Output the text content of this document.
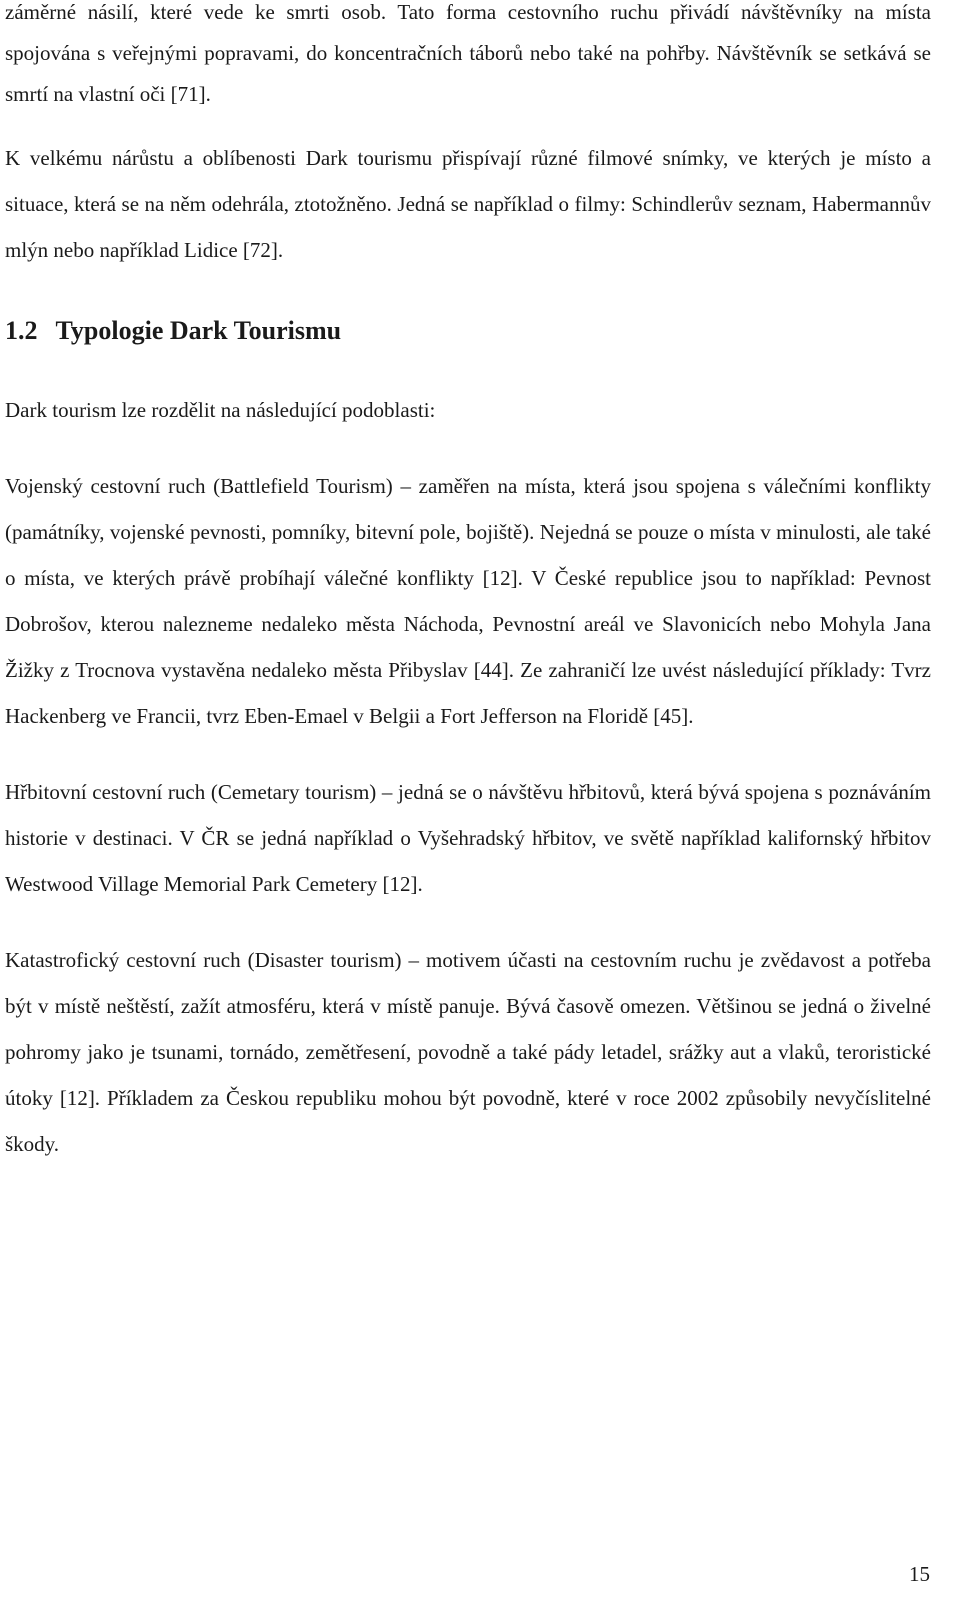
záměrné násilí, které vede ke smrti osob. Tato forma cestovního ruchu přivádí návštěvníky na místa spojována s veřejnými popravami, do koncentračních táborů nebo také na pohřby. Návštěvník se setkává se smrtí na vlastní oči [71].

K velkému nárůstu a oblíbenosti Dark tourismu přispívají různé filmové snímky, ve kterých je místo a situace, která se na něm odehrála, ztotožněno. Jedná se například o filmy: Schindlerův seznam, Habermannův mlýn nebo například Lidice [72].

1.2 Typologie Dark Tourismu

Dark tourism lze rozdělit na následující podoblasti:

Vojenský cestovní ruch (Battlefield Tourism) – zaměřen na místa, která jsou spojena s válečními konflikty (památníky, vojenské pevnosti, pomníky, bitevní pole, bojiště). Nejedná se pouze o místa v minulosti, ale také o místa, ve kterých právě probíhají válečné konflikty [12]. V České republice jsou to například: Pevnost Dobrošov, kterou nalezneme nedaleko města Náchoda, Pevnostní areál ve Slavonicích nebo Mohyla Jana Žižky z Trocnova vystavěna nedaleko města Přibyslav [44]. Ze zahraničí lze uvést následující příklady: Tvrz Hackenberg ve Francii, tvrz Eben-Emael v Belgii a Fort Jefferson na Floridě [45].

Hřbitovní cestovní ruch (Cemetary tourism) – jedná se o návštěvu hřbitovů, která bývá spojena s poznáváním historie v destinaci. V ČR se jedná například o Vyšehradský hřbitov, ve světě například kalifornský hřbitov Westwood Village Memorial Park Cemetery [12].

Katastrofický cestovní ruch (Disaster tourism) – motivem účasti na cestovním ruchu je zvědavost a potřeba být v místě neštěstí, zažít atmosféru, která v místě panuje. Bývá časově omezen. Většinou se jedná o živelné pohromy jako je tsunami, tornádo, zemětřesení, povodně a také pády letadel, srážky aut a vlaků, teroristické útoky [12]. Příkladem za Českou republiku mohou být povodně, které v roce 2002 způsobily nevyčíslitelné škody.

15
